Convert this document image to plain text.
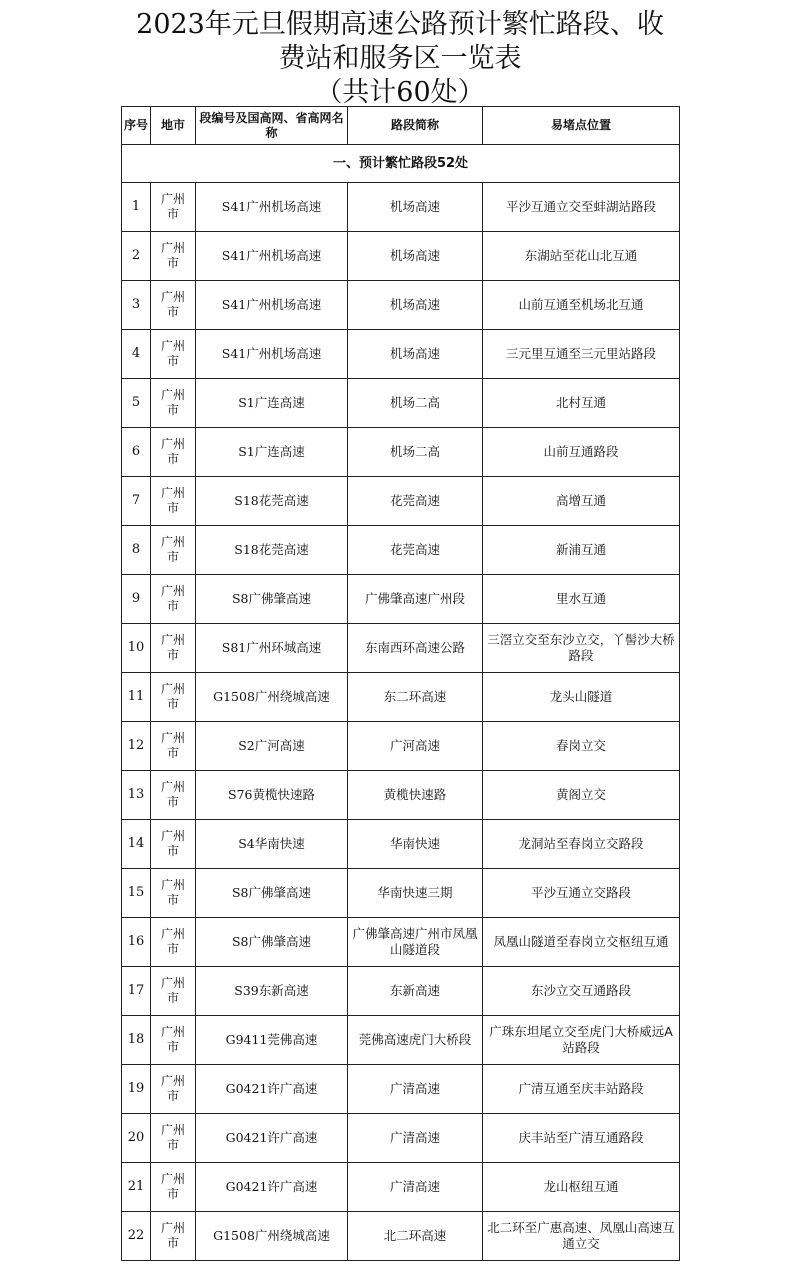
2023年元旦假期高速公路预计繁忙路段、收
费站和服务区一览表
（共计60处）
序号	地市	段编号及国高网、省高网名称	路段简称	易堵点位置
一、预计繁忙路段52处				
1	广州市	S41广州机场高速	机场高速	平沙互通立交至蚌湖站路段
2	广州市	S41广州机场高速	机场高速	东湖站至花山北互通
3	广州市	S41广州机场高速	机场高速	山前互通至机场北互通
4	广州市	S41广州机场高速	机场高速	三元里互通至三元里站路段
5	广州市	S1广连高速	机场二高	北村互通
6	广州市	S1广连高速	机场二高	山前互通路段
7	广州市	S18花莞高速	花莞高速	高增互通
8	广州市	S18花莞高速	花莞高速	新浦互通
9	广州市	S8广佛肇高速	广佛肇高速广州段	里水互通
10	广州市	S81广州环城高速	东南西环高速公路	三滘立交至东沙立交，丫髻沙大桥路段
11	广州市	G1508广州绕城高速	东二环高速	龙头山隧道
12	广州市	S2广河高速	广河高速	春岗立交
13	广州市	S76黄榄快速路	黄榄快速路	黄阁立交
14	广州市	S4华南快速	华南快速	龙洞站至春岗立交路段
15	广州市	S8广佛肇高速	华南快速三期	平沙互通立交路段
16	广州市	S8广佛肇高速	广佛肇高速广州市凤凰山隧道段	凤凰山隧道至春岗立交枢纽互通
17	广州市	S39东新高速	东新高速	东沙立交互通路段
18	广州市	G9411莞佛高速	莞佛高速虎门大桥段	广珠东坦尾立交至虎门大桥威远A站路段
19	广州市	G0421许广高速	广清高速	广清互通至庆丰站路段
20	广州市	G0421许广高速	广清高速	庆丰站至广清互通路段
21	广州市	G0421许广高速	广清高速	龙山枢纽互通
22	广州市	G1508广州绕城高速	北二环高速	北二环至广惠高速、凤凰山高速互通立交
